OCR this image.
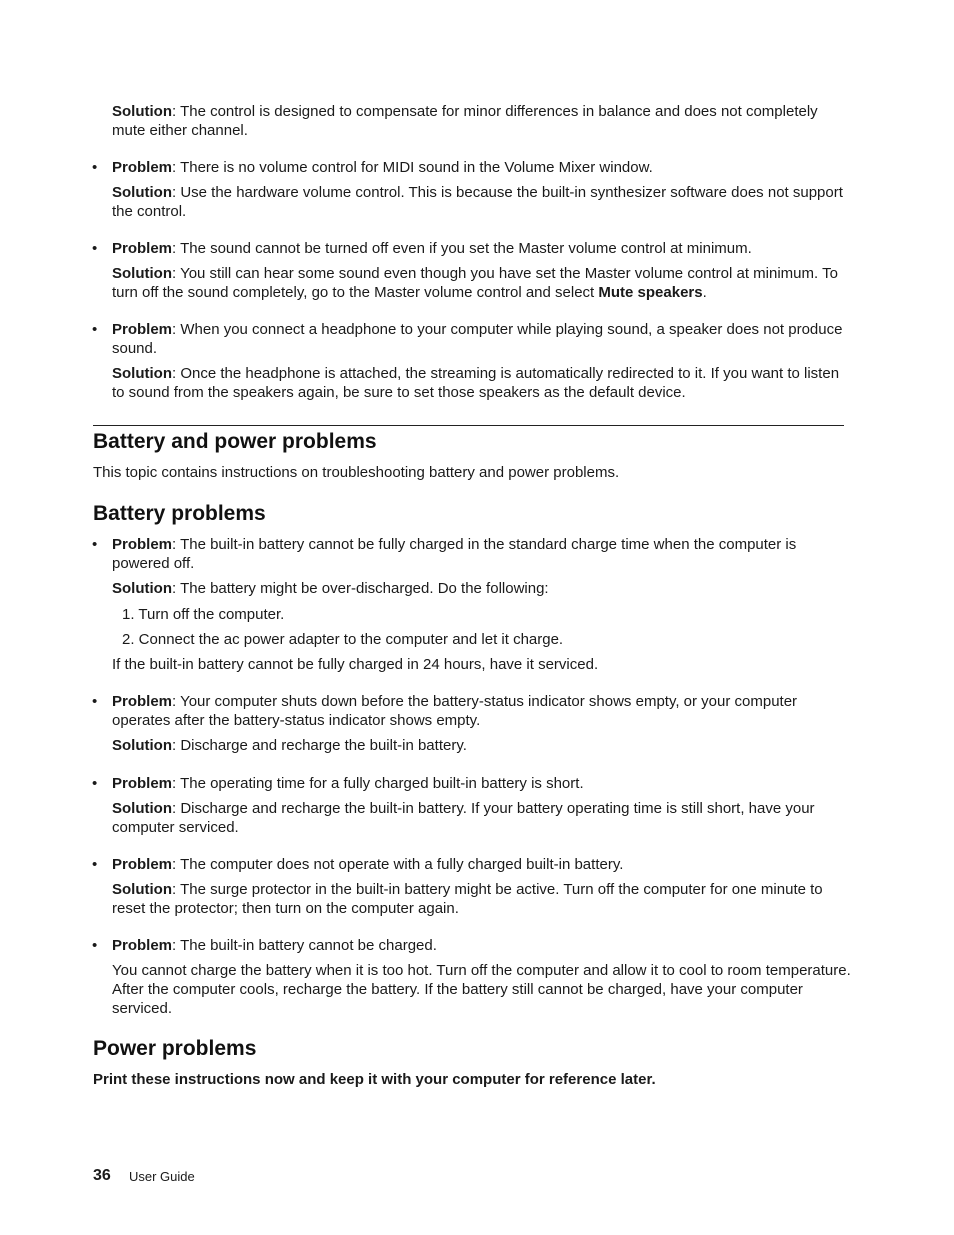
Solution: The control is designed to compensate for minor differences in balance and does not completely mute either channel.

• Problem: There is no volume control for MIDI sound in the Volume Mixer window.

Solution: Use the hardware volume control. This is because the built-in synthesizer software does not support the control.

• Problem: The sound cannot be turned off even if you set the Master volume control at minimum.

Solution: You still can hear some sound even though you have set the Master volume control at minimum. To turn off the sound completely, go to the Master volume control and select Mute speakers.

• Problem: When you connect a headphone to your computer while playing sound, a speaker does not produce sound.

Solution: Once the headphone is attached, the streaming is automatically redirected to it. If you want to listen to sound from the speakers again, be sure to set those speakers as the default device.

Battery and power problems
This topic contains instructions on troubleshooting battery and power problems.
Battery problems
• Problem: The built-in battery cannot be fully charged in the standard charge time when the computer is powered off.

Solution: The battery might be over-discharged. Do the following:

1. Turn off the computer.
2. Connect the ac power adapter to the computer and let it charge.
If the built-in battery cannot be fully charged in 24 hours, have it serviced.
• Problem: Your computer shuts down before the battery-status indicator shows empty, or your computer operates after the battery-status indicator shows empty.

Solution: Discharge and recharge the built-in battery.

• Problem: The operating time for a fully charged built-in battery is short.

Solution: Discharge and recharge the built-in battery. If your battery operating time is still short, have your computer serviced.

• Problem: The computer does not operate with a fully charged built-in battery.

Solution: The surge protector in the built-in battery might be active. Turn off the computer for one minute to reset the protector; then turn on the computer again.

• Problem: The built-in battery cannot be charged.

You cannot charge the battery when it is too hot. Turn off the computer and allow it to cool to room temperature. After the computer cools, recharge the battery. If the battery still cannot be charged, have your computer serviced.
Power problems
Print these instructions now and keep it with your computer for reference later.
36 User Guide
